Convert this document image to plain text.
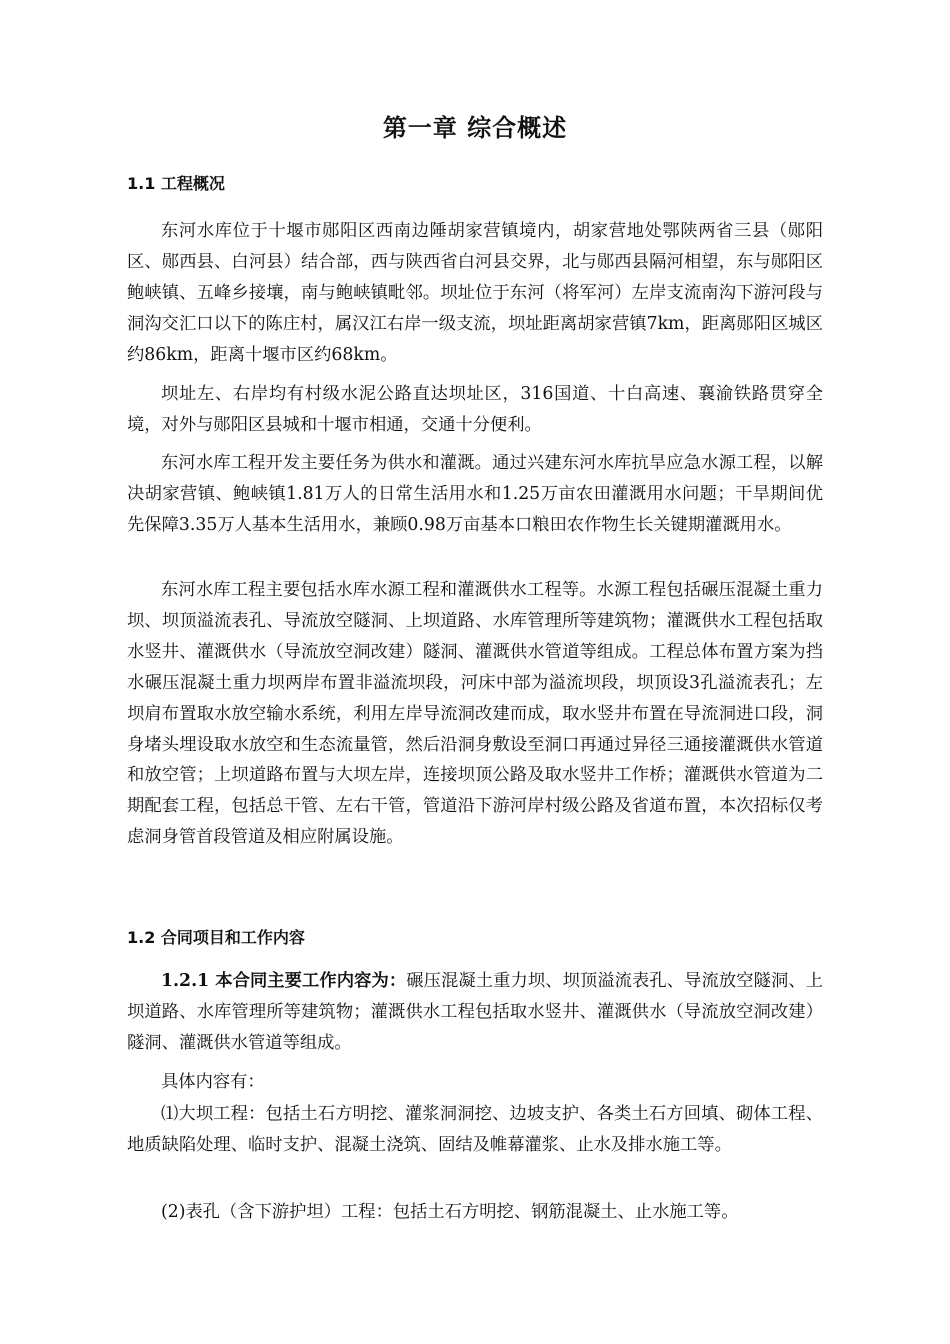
第一章 综合概述
1.1 工程概况

东河水库位于十堰市郧阳区西南边陲胡家营镇境内，胡家营地处鄂陕两省三县（郧阳区、郧西县、白河县）结合部，西与陕西省白河县交界，北与郧西县隔河相望，东与郧阳区鲍峡镇、五峰乡接壤，南与鲍峡镇毗邻。坝址位于东河（将军河）左岸支流南沟下游河段与洞沟交汇口以下的陈庄村，属汉江右岸一级支流，坝址距离胡家营镇7km，距离郧阳区城区约86km，距离十堰市区约68km。

坝址左、右岸均有村级水泥公路直达坝址区，316国道、十白高速、襄渝铁路贯穿全境，对外与郧阳区县城和十堰市相通，交通十分便利。

东河水库工程开发主要任务为供水和灌溉。通过兴建东河水库抗旱应急水源工程，以解决胡家营镇、鲍峡镇1.81万人的日常生活用水和1.25万亩农田灌溉用水问题；干旱期间优先保障3.35万人基本生活用水，兼顾0.98万亩基本口粮田农作物生长关键期灌溉用水。

东河水库工程主要包括水库水源工程和灌溉供水工程等。水源工程包括碾压混凝土重力坝、坝顶溢流表孔、导流放空隧洞、上坝道路、水库管理所等建筑物；灌溉供水工程包括取水竖井、灌溉供水（导流放空洞改建）隧洞、灌溉供水管道等组成。工程总体布置方案为挡水碾压混凝土重力坝两岸布置非溢流坝段，河床中部为溢流坝段，坝顶设3孔溢流表孔；左坝肩布置取水放空输水系统，利用左岸导流洞改建而成，取水竖井布置在导流洞进口段，洞身堵头埋设取水放空和生态流量管，然后沿洞身敷设至洞口再通过异径三通接灌溉供水管道和放空管；上坝道路布置与大坝左岸，连接坝顶公路及取水竖井工作桥；灌溉供水管道为二期配套工程，包括总干管、左右干管，管道沿下游河岸村级公路及省道布置，本次招标仅考虑洞身管首段管道及相应附属设施。

1.2 合同项目和工作内容

1.2.1 本合同主要工作内容为：碾压混凝土重力坝、坝顶溢流表孔、导流放空隧洞、上坝道路、水库管理所等建筑物；灌溉供水工程包括取水竖井、灌溉供水（导流放空洞改建）隧洞、灌溉供水管道等组成。

具体内容有：

⑴大坝工程：包括土石方明挖、灌浆洞洞挖、边坡支护、各类土石方回填、砌体工程、地质缺陷处理、临时支护、混凝土浇筑、固结及帷幕灌浆、止水及排水施工等。

(2)表孔（含下游护坦）工程：包括土石方明挖、钢筋混凝土、止水施工等。
